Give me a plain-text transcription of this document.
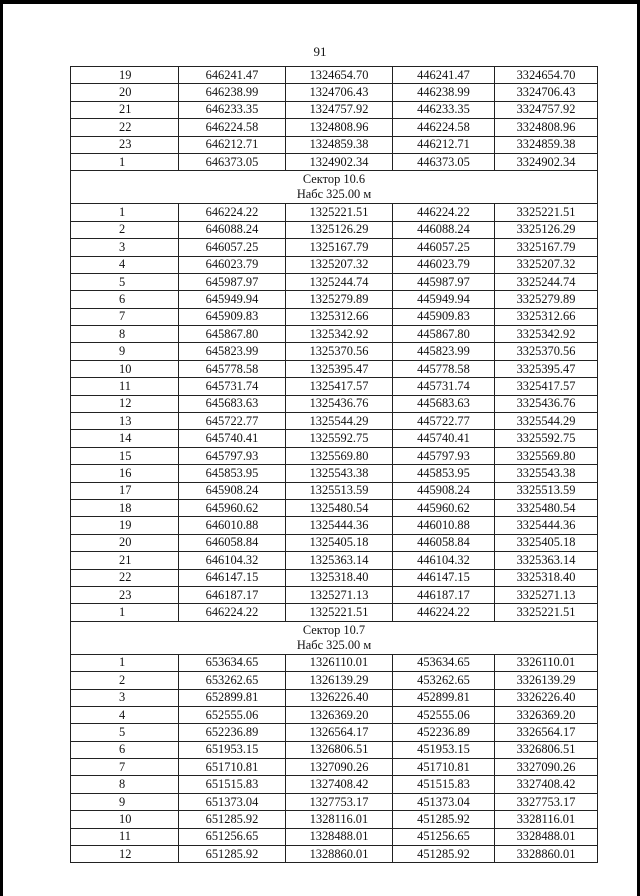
91
19	646241.47	1324654.70	446241.47	3324654.70
20	646238.99	1324706.43	446238.99	3324706.43
21	646233.35	1324757.92	446233.35	3324757.92
22	646224.58	1324808.96	446224.58	3324808.96
23	646212.71	1324859.38	446212.71	3324859.38
1	646373.05	1324902.34	446373.05	3324902.34

Сектор 10.6
Набс 325.00 м				

1	646224.22	1325221.51	446224.22	3325221.51
2	646088.24	1325126.29	446088.24	3325126.29
3	646057.25	1325167.79	446057.25	3325167.79
4	646023.79	1325207.32	446023.79	3325207.32
5	645987.97	1325244.74	445987.97	3325244.74
6	645949.94	1325279.89	445949.94	3325279.89
7	645909.83	1325312.66	445909.83	3325312.66
8	645867.80	1325342.92	445867.80	3325342.92
9	645823.99	1325370.56	445823.99	3325370.56
10	645778.58	1325395.47	445778.58	3325395.47
11	645731.74	1325417.57	445731.74	3325417.57
12	645683.63	1325436.76	445683.63	3325436.76
13	645722.77	1325544.29	445722.77	3325544.29
14	645740.41	1325592.75	445740.41	3325592.75
15	645797.93	1325569.80	445797.93	3325569.80
16	645853.95	1325543.38	445853.95	3325543.38
17	645908.24	1325513.59	445908.24	3325513.59
18	645960.62	1325480.54	445960.62	3325480.54
19	646010.88	1325444.36	446010.88	3325444.36
20	646058.84	1325405.18	446058.84	3325405.18
21	646104.32	1325363.14	446104.32	3325363.14
22	646147.15	1325318.40	446147.15	3325318.40
23	646187.17	1325271.13	446187.17	3325271.13
1	646224.22	1325221.51	446224.22	3325221.51

Сектор 10.7
Набс 325.00 м				

1	653634.65	1326110.01	453634.65	3326110.01
2	653262.65	1326139.29	453262.65	3326139.29
3	652899.81	1326226.40	452899.81	3326226.40
4	652555.06	1326369.20	452555.06	3326369.20
5	652236.89	1326564.17	452236.89	3326564.17
6	651953.15	1326806.51	451953.15	3326806.51
7	651710.81	1327090.26	451710.81	3327090.26
8	651515.83	1327408.42	451515.83	3327408.42
9	651373.04	1327753.17	451373.04	3327753.17
10	651285.92	1328116.01	451285.92	3328116.01
11	651256.65	1328488.01	451256.65	3328488.01
12	651285.92	1328860.01	451285.92	3328860.01
